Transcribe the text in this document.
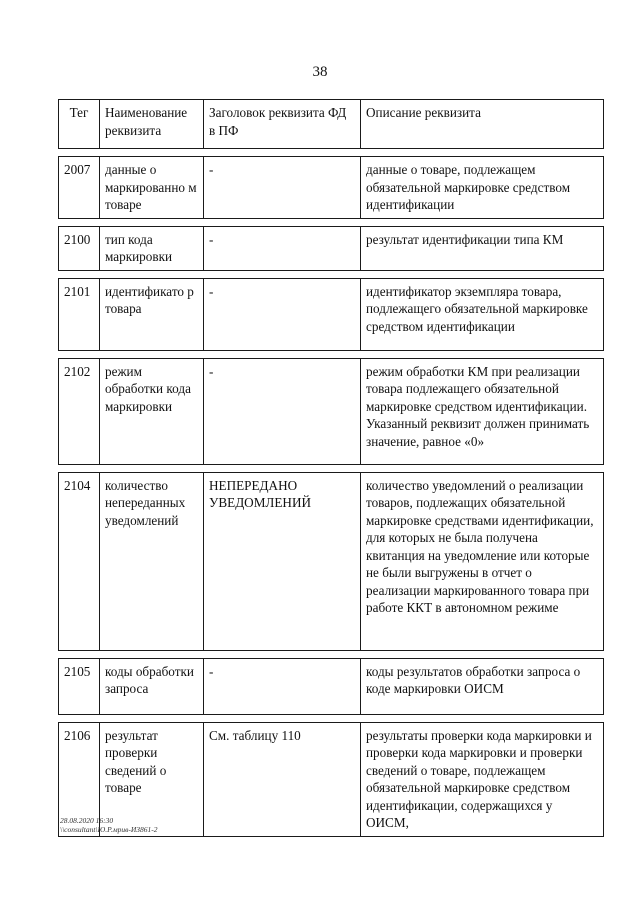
38
Тег	Наименование реквизита	Заголовок реквизита ФД в ПФ	Описание реквизита

2007	данные о маркированно м товаре	-	данные о товаре, подлежащем обязательной маркировке средством идентификации

2100	тип кода маркировки	-	результат идентификации типа КМ

2101	идентификато р товара	-	идентификатор экземпляра товара, подлежащего обязательной маркировке средством идентификации

2102	режим обработки кода маркировки	-	режим обработки КМ при реализации товара подлежащего обязательной маркировке средством идентификации. Указанный реквизит должен принимать значение, равное «0»

2104	количество непереданных уведомлений	НЕПЕРЕДАНО УВЕДОМЛЕНИЙ	количество уведомлений о реализации товаров, подлежащих обязательной маркировке средствами идентификации, для которых не была получена квитанция на уведомление или которые не были выгружены в отчет о реализации маркированного товара при работе ККТ в автономном режиме

2105	коды обработки запроса	-	коды результатов обработки запроса о коде маркировки ОИСМ

2106	результат проверки сведений о товаре	См. таблицу 110	результаты проверки кода маркировки и проверки кода маркировки и проверки сведений о товаре, подлежащем обязательной маркировке средством идентификации, содержащихся у ОИСМ,
28.08.2020 16:30
\\consultant\Ю.Р.мрив-ИЗ861-2
